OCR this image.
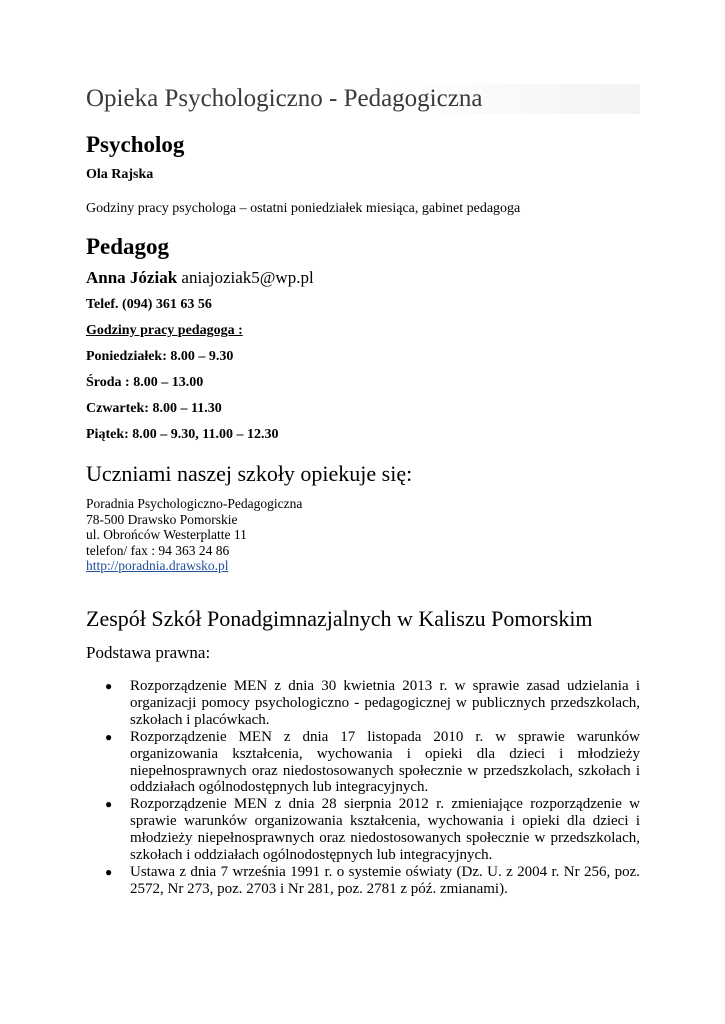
Opieka Psychologiczno - Pedagogiczna
Psycholog
Ola Rajska
Godziny pracy psychologa – ostatni poniedziałek miesiąca, gabinet pedagoga
Pedagog
Anna Józiak aniajoziak5@wp.pl
Telef. (094) 361 63 56
Godziny pracy pedagoga :
Poniedziałek: 8.00 – 9.30
Środa : 8.00 – 13.00
Czwartek: 8.00 – 11.30
Piątek: 8.00 – 9.30, 11.00 – 12.30
Uczniami naszej szkoły opiekuje się:
Poradnia Psychologiczno-Pedagogiczna
78-500 Drawsko Pomorskie
ul. Obrońców Westerplatte 11
telefon/ fax : 94 363 24 86
http://poradnia.drawsko.pl
Zespół Szkół Ponadgimnazjalnych w Kaliszu Pomorskim
Podstawa prawna:
● Rozporządzenie MEN z dnia 30 kwietnia 2013 r. w sprawie zasad udzielania i organizacji pomocy psychologiczno - pedagogicznej w publicznych przedszkolach, szkołach i placówkach.
● Rozporządzenie MEN z dnia 17 listopada 2010 r. w sprawie warunków organizowania kształcenia, wychowania i opieki dla dzieci i młodzieży niepełnosprawnych oraz niedostosowanych społecznie w przedszkolach, szkołach i oddziałach ogólnodostępnych lub integracyjnych.
● Rozporządzenie MEN z dnia 28 sierpnia 2012 r. zmieniające rozporządzenie w sprawie warunków organizowania kształcenia, wychowania i opieki dla dzieci i młodzieży niepełnosprawnych oraz niedostosowanych społecznie w przedszkolach, szkołach i oddziałach ogólnodostępnych lub integracyjnych.
● Ustawa z dnia 7 września 1991 r. o systemie oświaty (Dz. U. z 2004 r. Nr 256, poz. 2572, Nr 273, poz. 2703 i Nr 281, poz. 2781 z póź. zmianami).
